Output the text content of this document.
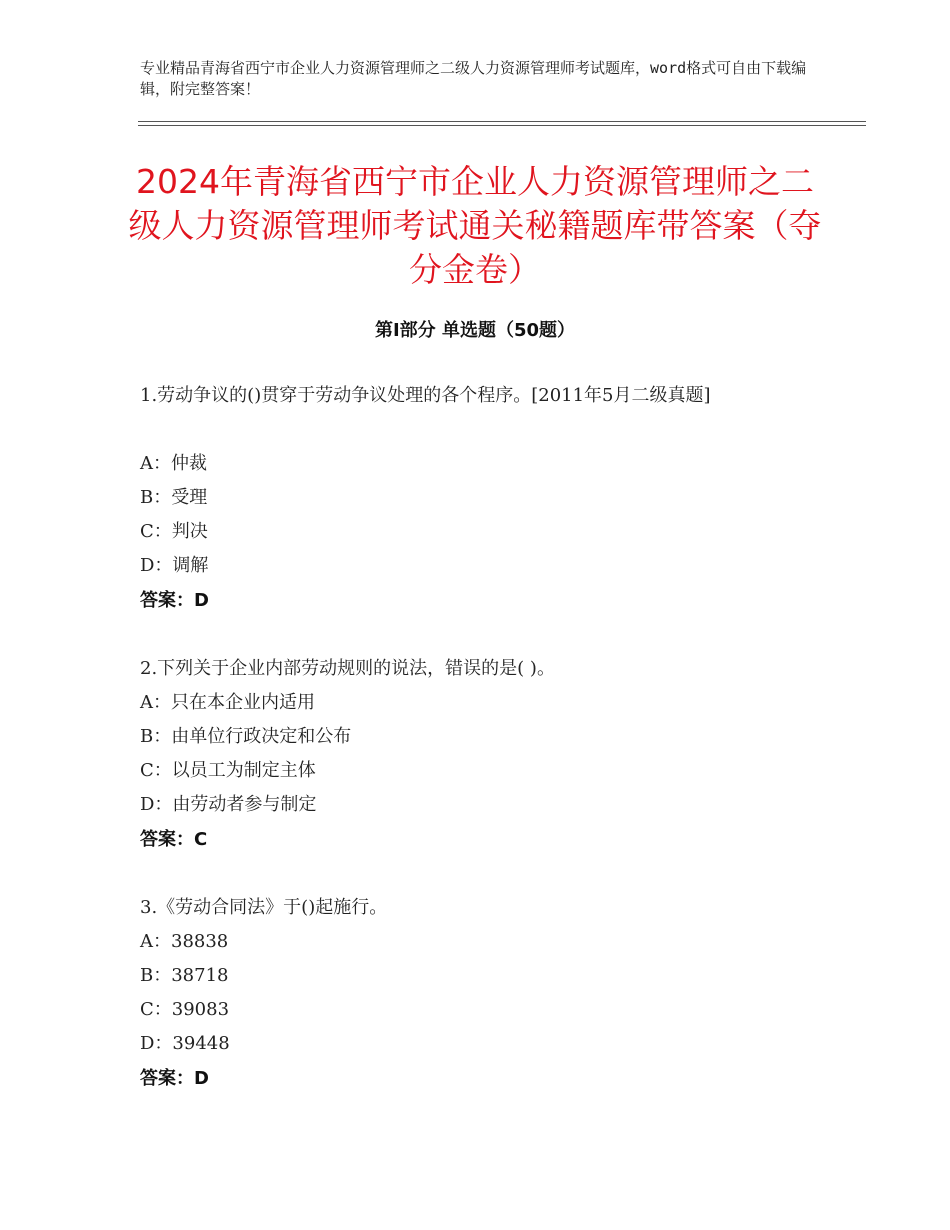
专业精品青海省西宁市企业人力资源管理师之二级人力资源管理师考试题库，word格式可自由下载编辑，附完整答案！
2024年青海省西宁市企业人力资源管理师之二级人力资源管理师考试通关秘籍题库带答案（夺分金卷）
第Ⅰ部分 单选题（50题）
1.劳动争议的()贯穿于劳动争议处理的各个程序。[2011年5月二级真题]
A：仲裁
B：受理
C：判决
D：调解
答案：D
2.下列关于企业内部劳动规则的说法，错误的是( )。
A：只在本企业内适用
B：由单位行政决定和公布
C：以员工为制定主体
D：由劳动者参与制定
答案：C
3.《劳动合同法》于()起施行。
A：38838
B：38718
C：39083
D：39448
答案：D
